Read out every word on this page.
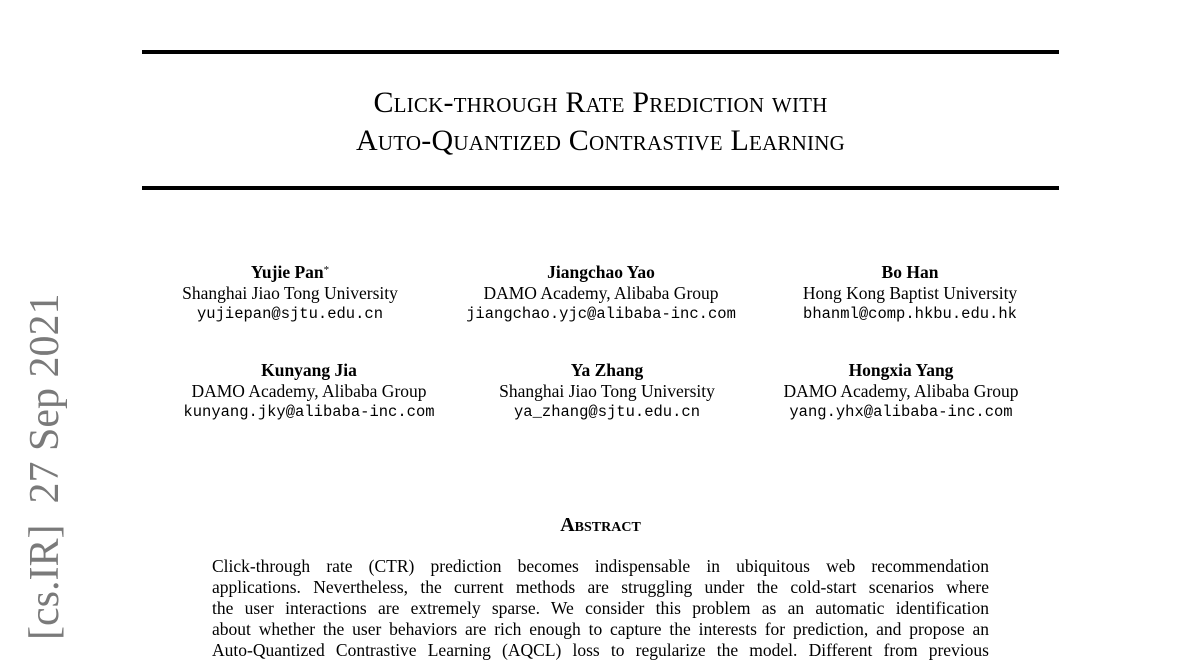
Click-through Rate Prediction with
Auto-Quantized Contrastive Learning
Yujie Pan*
Shanghai Jiao Tong University
yujiepan@sjtu.edu.cn
Jiangchao Yao
DAMO Academy, Alibaba Group
jiangchao.yjc@alibaba-inc.com
Bo Han
Hong Kong Baptist University
bhanml@comp.hkbu.edu.hk
Kunyang Jia
DAMO Academy, Alibaba Group
kunyang.jky@alibaba-inc.com
Ya Zhang
Shanghai Jiao Tong University
ya_zhang@sjtu.edu.cn
Hongxia Yang
DAMO Academy, Alibaba Group
yang.yhx@alibaba-inc.com
Abstract
Click-through rate (CTR) prediction becomes indispensable in ubiquitous web recommendation
applications. Nevertheless, the current methods are struggling under the cold-start scenarios where
the user interactions are extremely sparse. We consider this problem as an automatic identification
about whether the user behaviors are rich enough to capture the interests for prediction, and propose an
Auto-Quantized Contrastive Learning (AQCL) loss to regularize the model. Different from previous
[cs.IR]  27 Sep 2021
